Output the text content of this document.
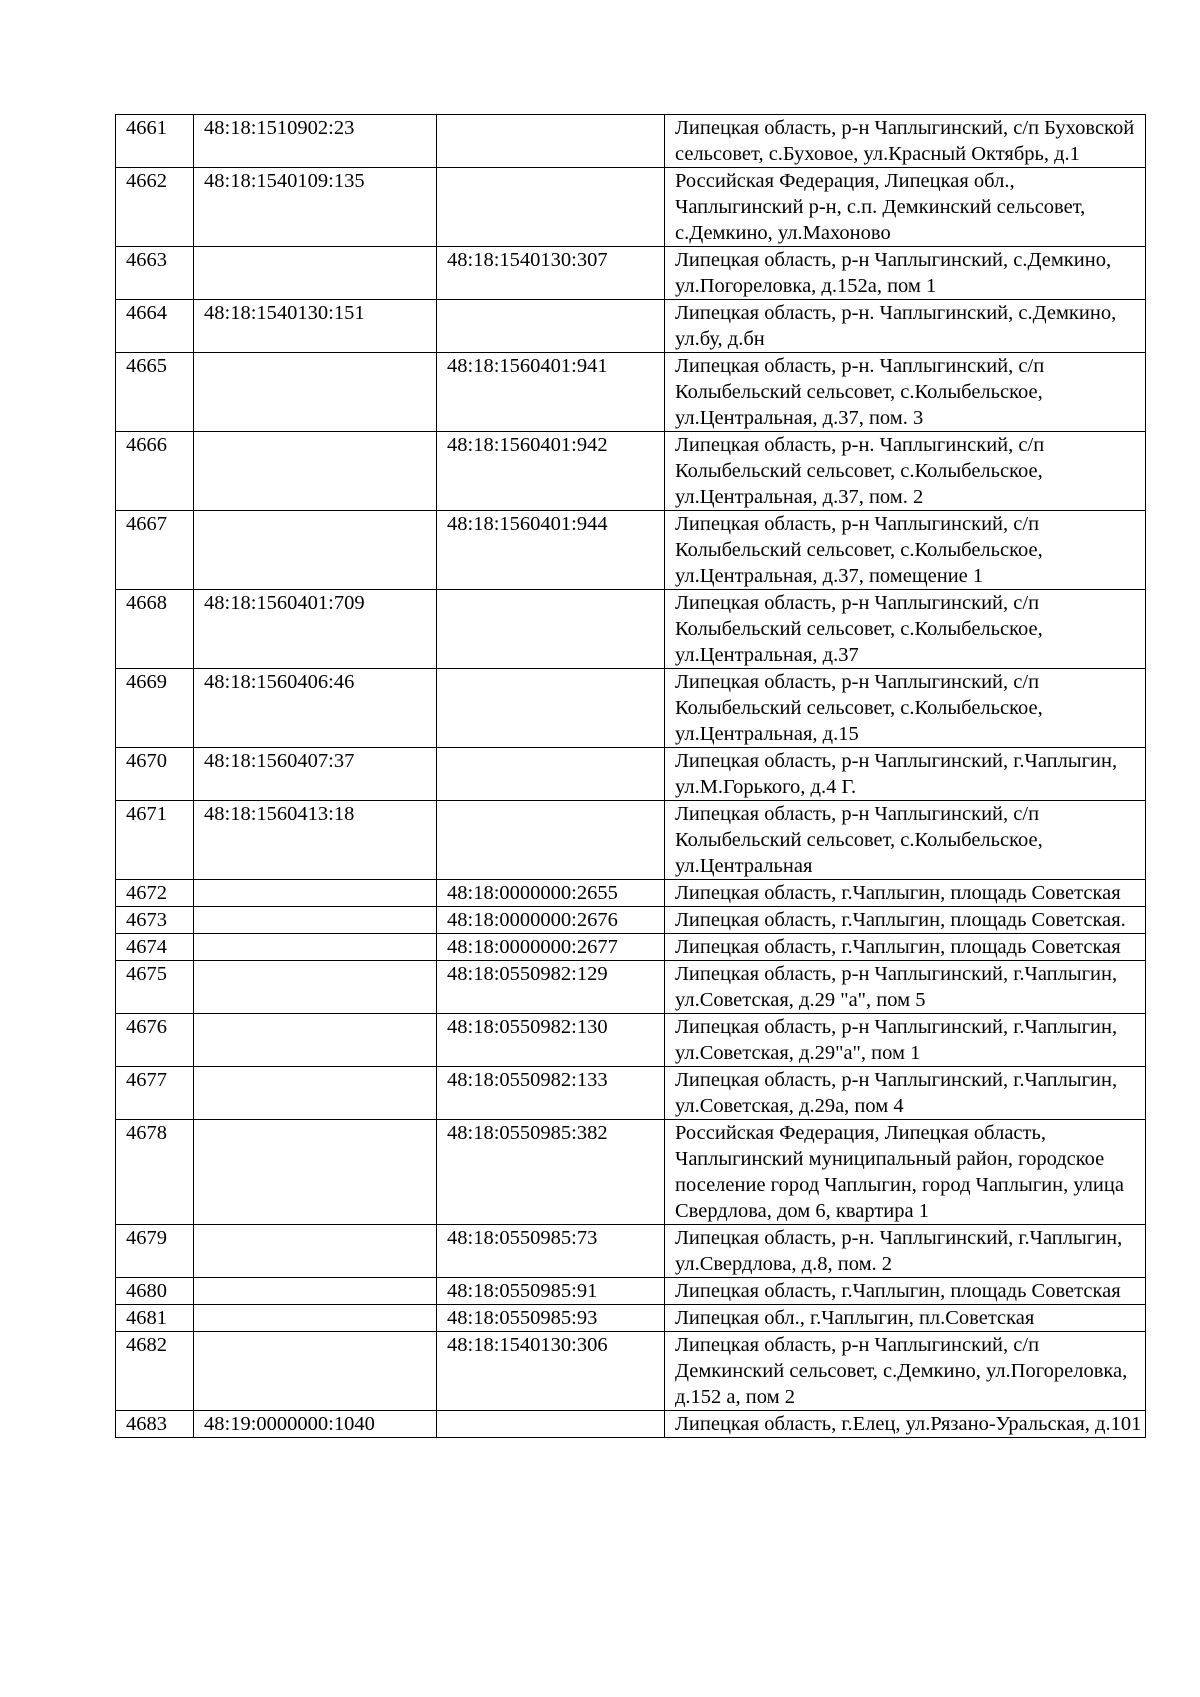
4661	48:18:1510902:23		Липецкая область, р-н Чаплыгинский, с/п Буховской сельсовет, с.Буховое, ул.Красный Октябрь, д.1
4662	48:18:1540109:135		Российская Федерация, Липецкая обл., Чаплыгинский р-н, с.п. Демкинский сельсовет, с.Демкино, ул.Махоново
4663		48:18:1540130:307	Липецкая область, р-н Чаплыгинский, с.Демкино, ул.Погореловка, д.152а, пом 1
4664	48:18:1540130:151		Липецкая область, р-н. Чаплыгинский, с.Демкино, ул.бу, д.бн
4665		48:18:1560401:941	Липецкая область, р-н. Чаплыгинский, с/п Колыбельский сельсовет, с.Колыбельское, ул.Центральная, д.37, пом. 3
4666		48:18:1560401:942	Липецкая область, р-н. Чаплыгинский, с/п Колыбельский сельсовет, с.Колыбельское, ул.Центральная, д.37, пом. 2
4667		48:18:1560401:944	Липецкая область, р-н Чаплыгинский, с/п Колыбельский сельсовет, с.Колыбельское, ул.Центральная, д.37, помещение 1
4668	48:18:1560401:709		Липецкая область, р-н Чаплыгинский, с/п Колыбельский сельсовет, с.Колыбельское, ул.Центральная, д.37
4669	48:18:1560406:46		Липецкая область, р-н Чаплыгинский, с/п Колыбельский сельсовет, с.Колыбельское, ул.Центральная, д.15
4670	48:18:1560407:37		Липецкая область, р-н Чаплыгинский, г.Чаплыгин, ул.М.Горького, д.4 Г.
4671	48:18:1560413:18		Липецкая область, р-н Чаплыгинский, с/п Колыбельский сельсовет, с.Колыбельское, ул.Центральная
4672		48:18:0000000:2655	Липецкая область, г.Чаплыгин, площадь Советская
4673		48:18:0000000:2676	Липецкая область, г.Чаплыгин, площадь Советская.
4674		48:18:0000000:2677	Липецкая область, г.Чаплыгин, площадь Советская
4675		48:18:0550982:129	Липецкая область, р-н Чаплыгинский, г.Чаплыгин, ул.Советская, д.29 "а", пом 5
4676		48:18:0550982:130	Липецкая область, р-н Чаплыгинский, г.Чаплыгин, ул.Советская, д.29"а", пом 1
4677		48:18:0550982:133	Липецкая область, р-н Чаплыгинский, г.Чаплыгин, ул.Советская, д.29а, пом 4
4678		48:18:0550985:382	Российская Федерация, Липецкая область, Чаплыгинский муниципальный район, городское поселение город Чаплыгин, город Чаплыгин, улица Свердлова, дом 6, квартира 1
4679		48:18:0550985:73	Липецкая область, р-н. Чаплыгинский, г.Чаплыгин, ул.Свердлова, д.8, пом. 2
4680		48:18:0550985:91	Липецкая область, г.Чаплыгин, площадь Советская
4681		48:18:0550985:93	Липецкая обл., г.Чаплыгин, пл.Советская
4682		48:18:1540130:306	Липецкая область, р-н Чаплыгинский, с/п Демкинский сельсовет, с.Демкино, ул.Погореловка, д.152 а, пом 2
4683	48:19:0000000:1040		Липецкая область, г.Елец, ул.Рязано-Уральская, д.101
